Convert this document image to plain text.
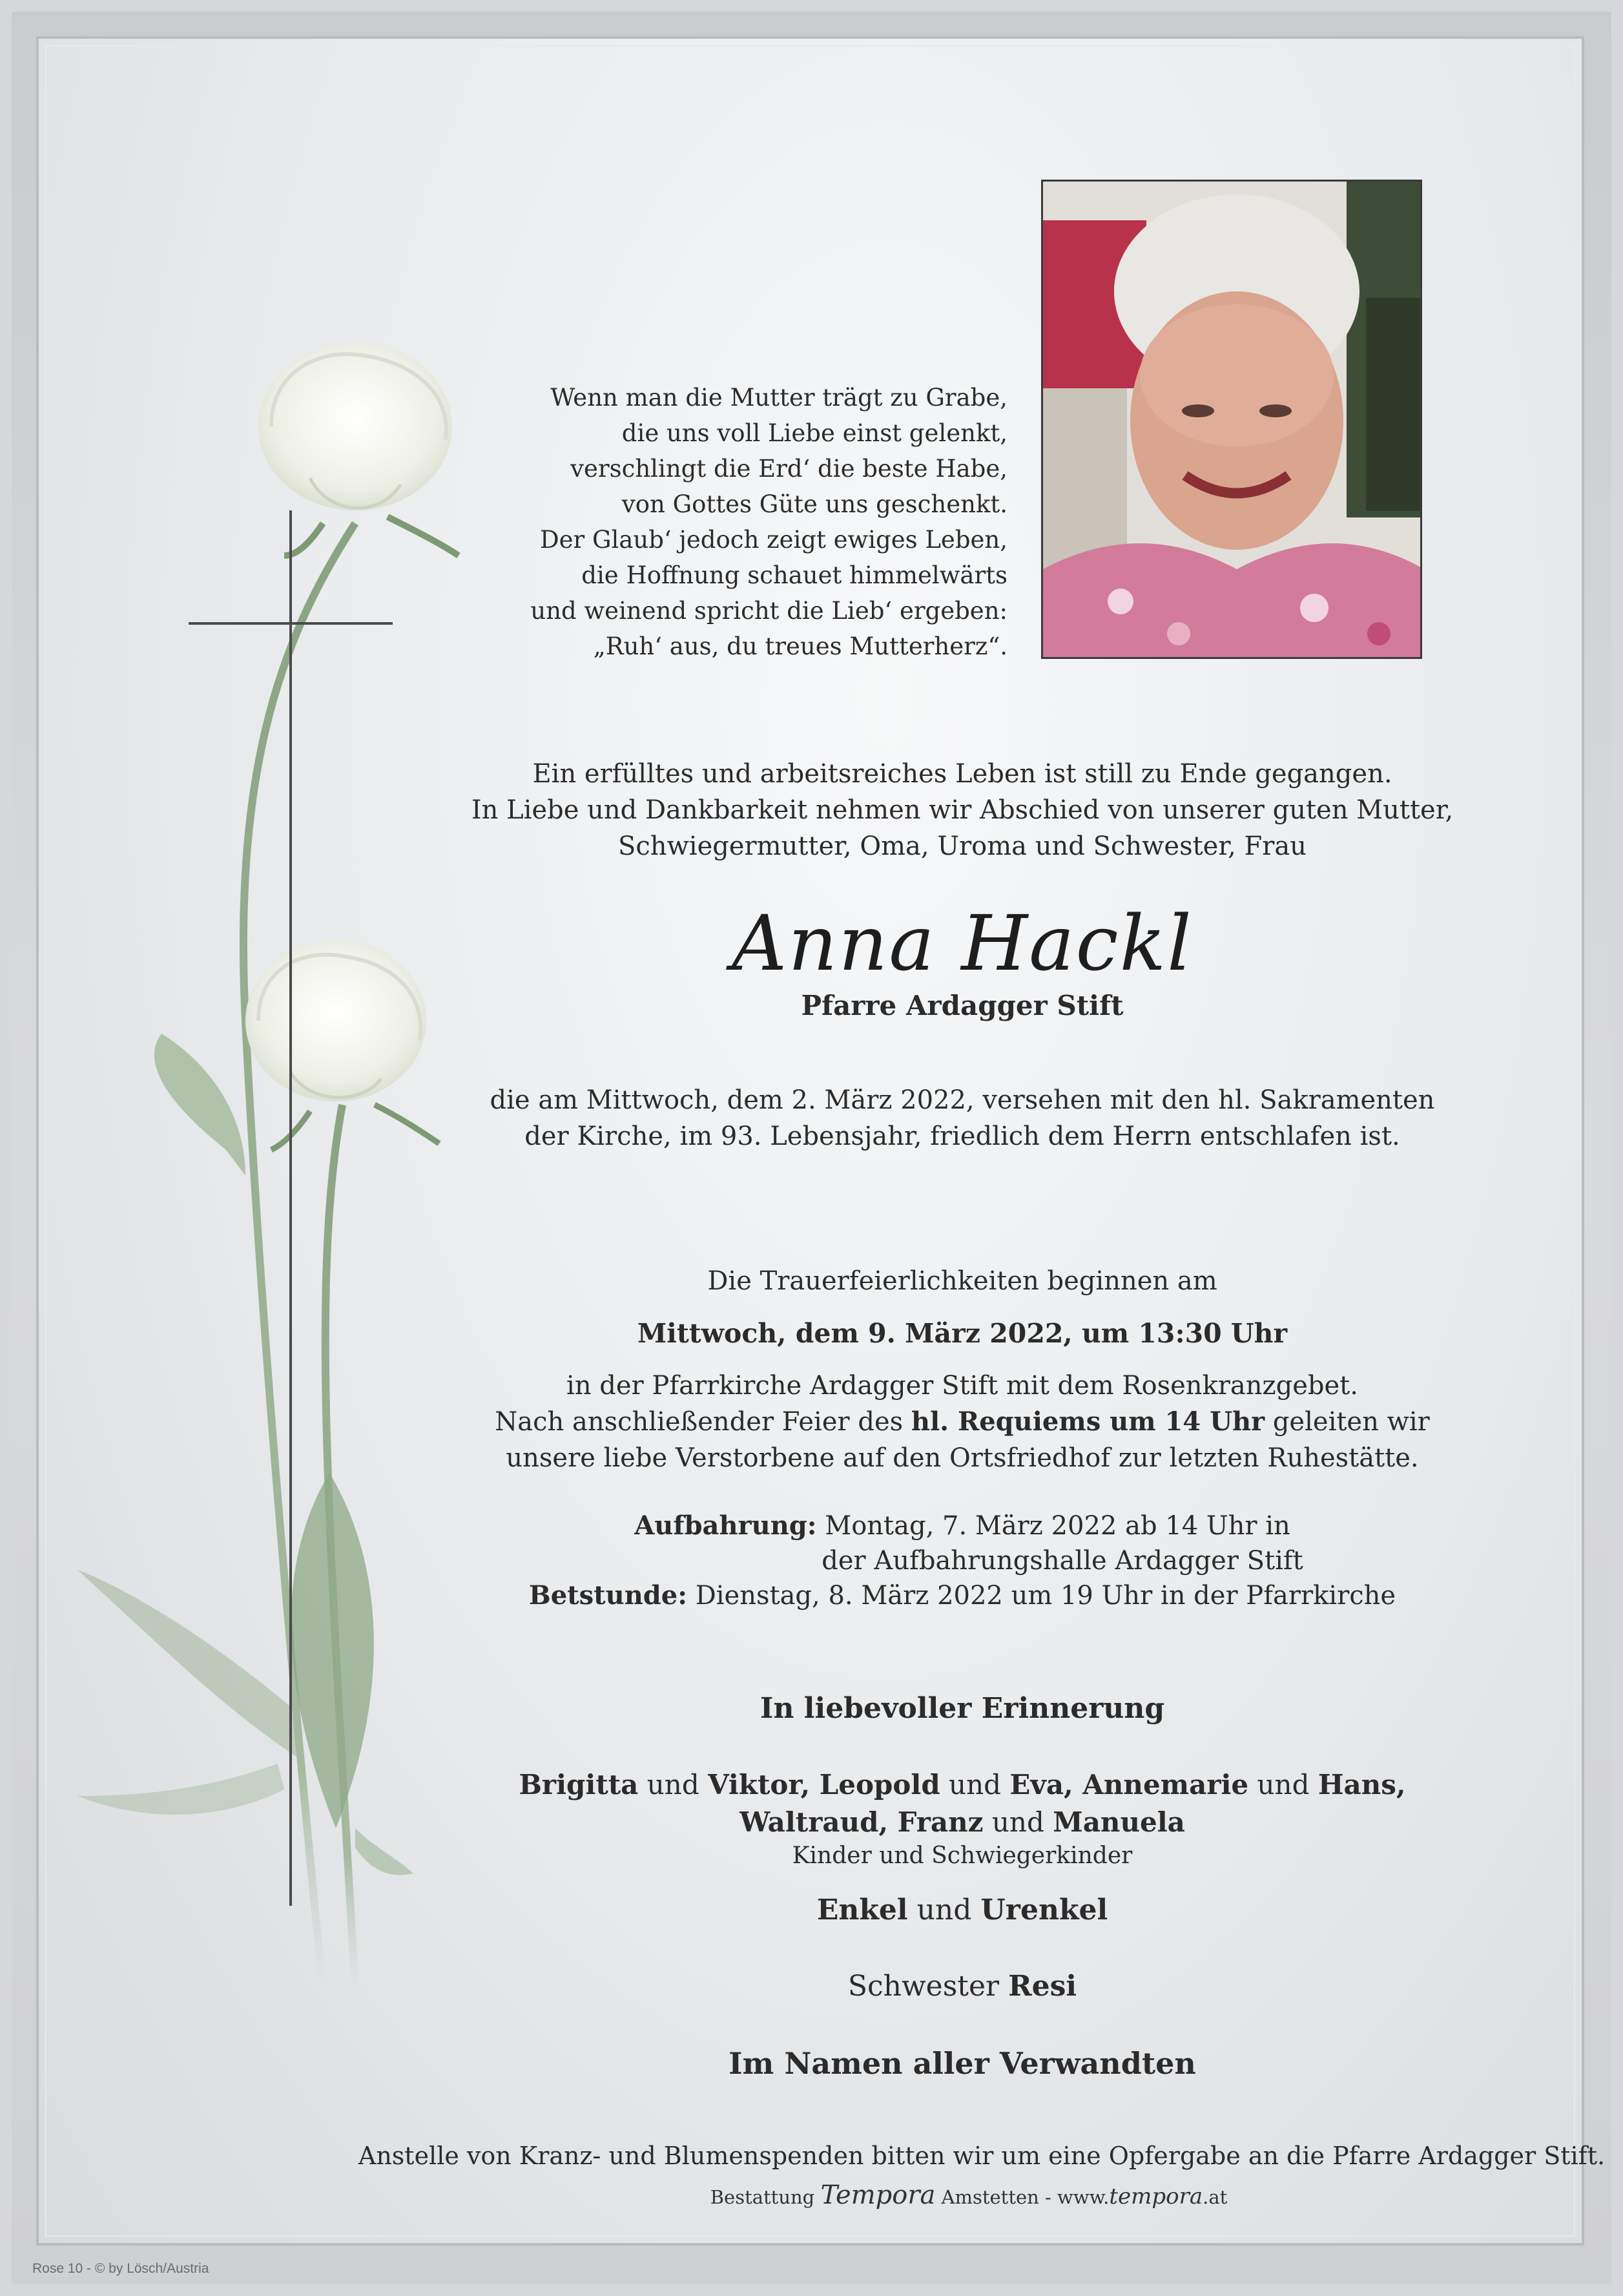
Wenn man die Mutter trägt zu Grabe,
die uns voll Liebe einst gelenkt,
verschlingt die Erd‘ die beste Habe,
von Gottes Güte uns geschenkt.
Der Glaub‘ jedoch zeigt ewiges Leben,
die Hoffnung schauet himmelwärts
und weinend spricht die Lieb‘ ergeben:
„Ruh‘ aus, du treues Mutterherz“.
Ein erfülltes und arbeitsreiches Leben ist still zu Ende gegangen.
In Liebe und Dankbarkeit nehmen wir Abschied von unserer guten Mutter,
Schwiegermutter, Oma, Uroma und Schwester, Frau
Anna Hackl
Pfarre Ardagger Stift
die am Mittwoch, dem 2. März 2022, versehen mit den hl. Sakramenten
der Kirche, im 93. Lebensjahr, friedlich dem Herrn entschlafen ist.
Die Trauerfeierlichkeiten beginnen am
Mittwoch, dem 9. März 2022, um 13:30 Uhr
in der Pfarrkirche Ardagger Stift mit dem Rosenkranzgebet.
Nach anschließender Feier des hl. Requiems um 14 Uhr geleiten wir
unsere liebe Verstorbene auf den Ortsfriedhof zur letzten Ruhestätte.
Aufbahrung: Montag, 7. März 2022 ab 14 Uhr in
der Aufbahrungshalle Ardagger Stift
Betstunde: Dienstag, 8. März 2022 um 19 Uhr in der Pfarrkirche
In liebevoller Erinnerung
Brigitta und Viktor, Leopold und Eva, Annemarie und Hans,
Waltraud, Franz und Manuela
Kinder und Schwiegerkinder
Enkel und Urenkel
Schwester Resi
Im Namen aller Verwandten
Anstelle von Kranz- und Blumenspenden bitten wir um eine Opfergabe an die Pfarre Ardagger Stift.
Bestattung Tempora Amstetten - www.tempora.at
Rose 10 - © by Lösch/Austria
